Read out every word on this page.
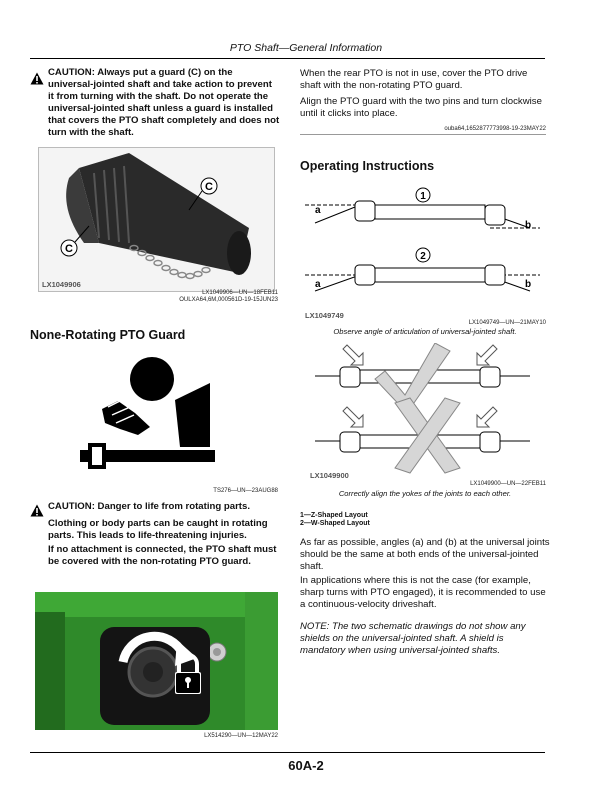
PTO Shaft—General Information

CAUTION: Always put a guard (C) on the universal-jointed shaft and take action to prevent it from turning with the shaft. Do not operate the universal-jointed shaft unless a guard is installed that covers the PTO shaft completely and does not turn with the shaft.

C
C
LX1049906
LX1049906—UN—18FEB11
OULXA64,6M,000561D-19-15JUN23
None-Rotating PTO Guard
TS276—UN—23AUG88

CAUTION: Danger to life from rotating parts.

Clothing or body parts can be caught in rotating parts. This leads to life-threatening injuries.

If no attachment is connected, the PTO shaft must be covered with the non-rotating PTO guard.

LX514290—UN—12MAY22

When the rear PTO is not in use, cover the PTO drive shaft with the non-rotating PTO guard.

Align the PTO guard with the two pins and turn clockwise until it clicks into place.

ouba64,1652877773998-19-23MAY22
Operating Instructions
1
2
a
b
a	b
LX1049749
LX1049749—UN—21MAY10
Observe angle of articulation of universal-jointed shaft.
LX1049900
LX1049900—UN—22FEB11
Correctly align the yokes of the joints to each other.
1—Z-Shaped Layout
2—W-Shaped Layout

As far as possible, angles (a) and (b) at the universal joints should be the same at both ends of the universal-jointed shaft.

In applications where this is not the case (for example, sharp turns with PTO engaged), it is recommended to use a continuous-velocity driveshaft.

NOTE: The two schematic drawings do not show any shields on the universal-jointed shaft. A shield is mandatory when using universal-jointed shafts.

60A-2
